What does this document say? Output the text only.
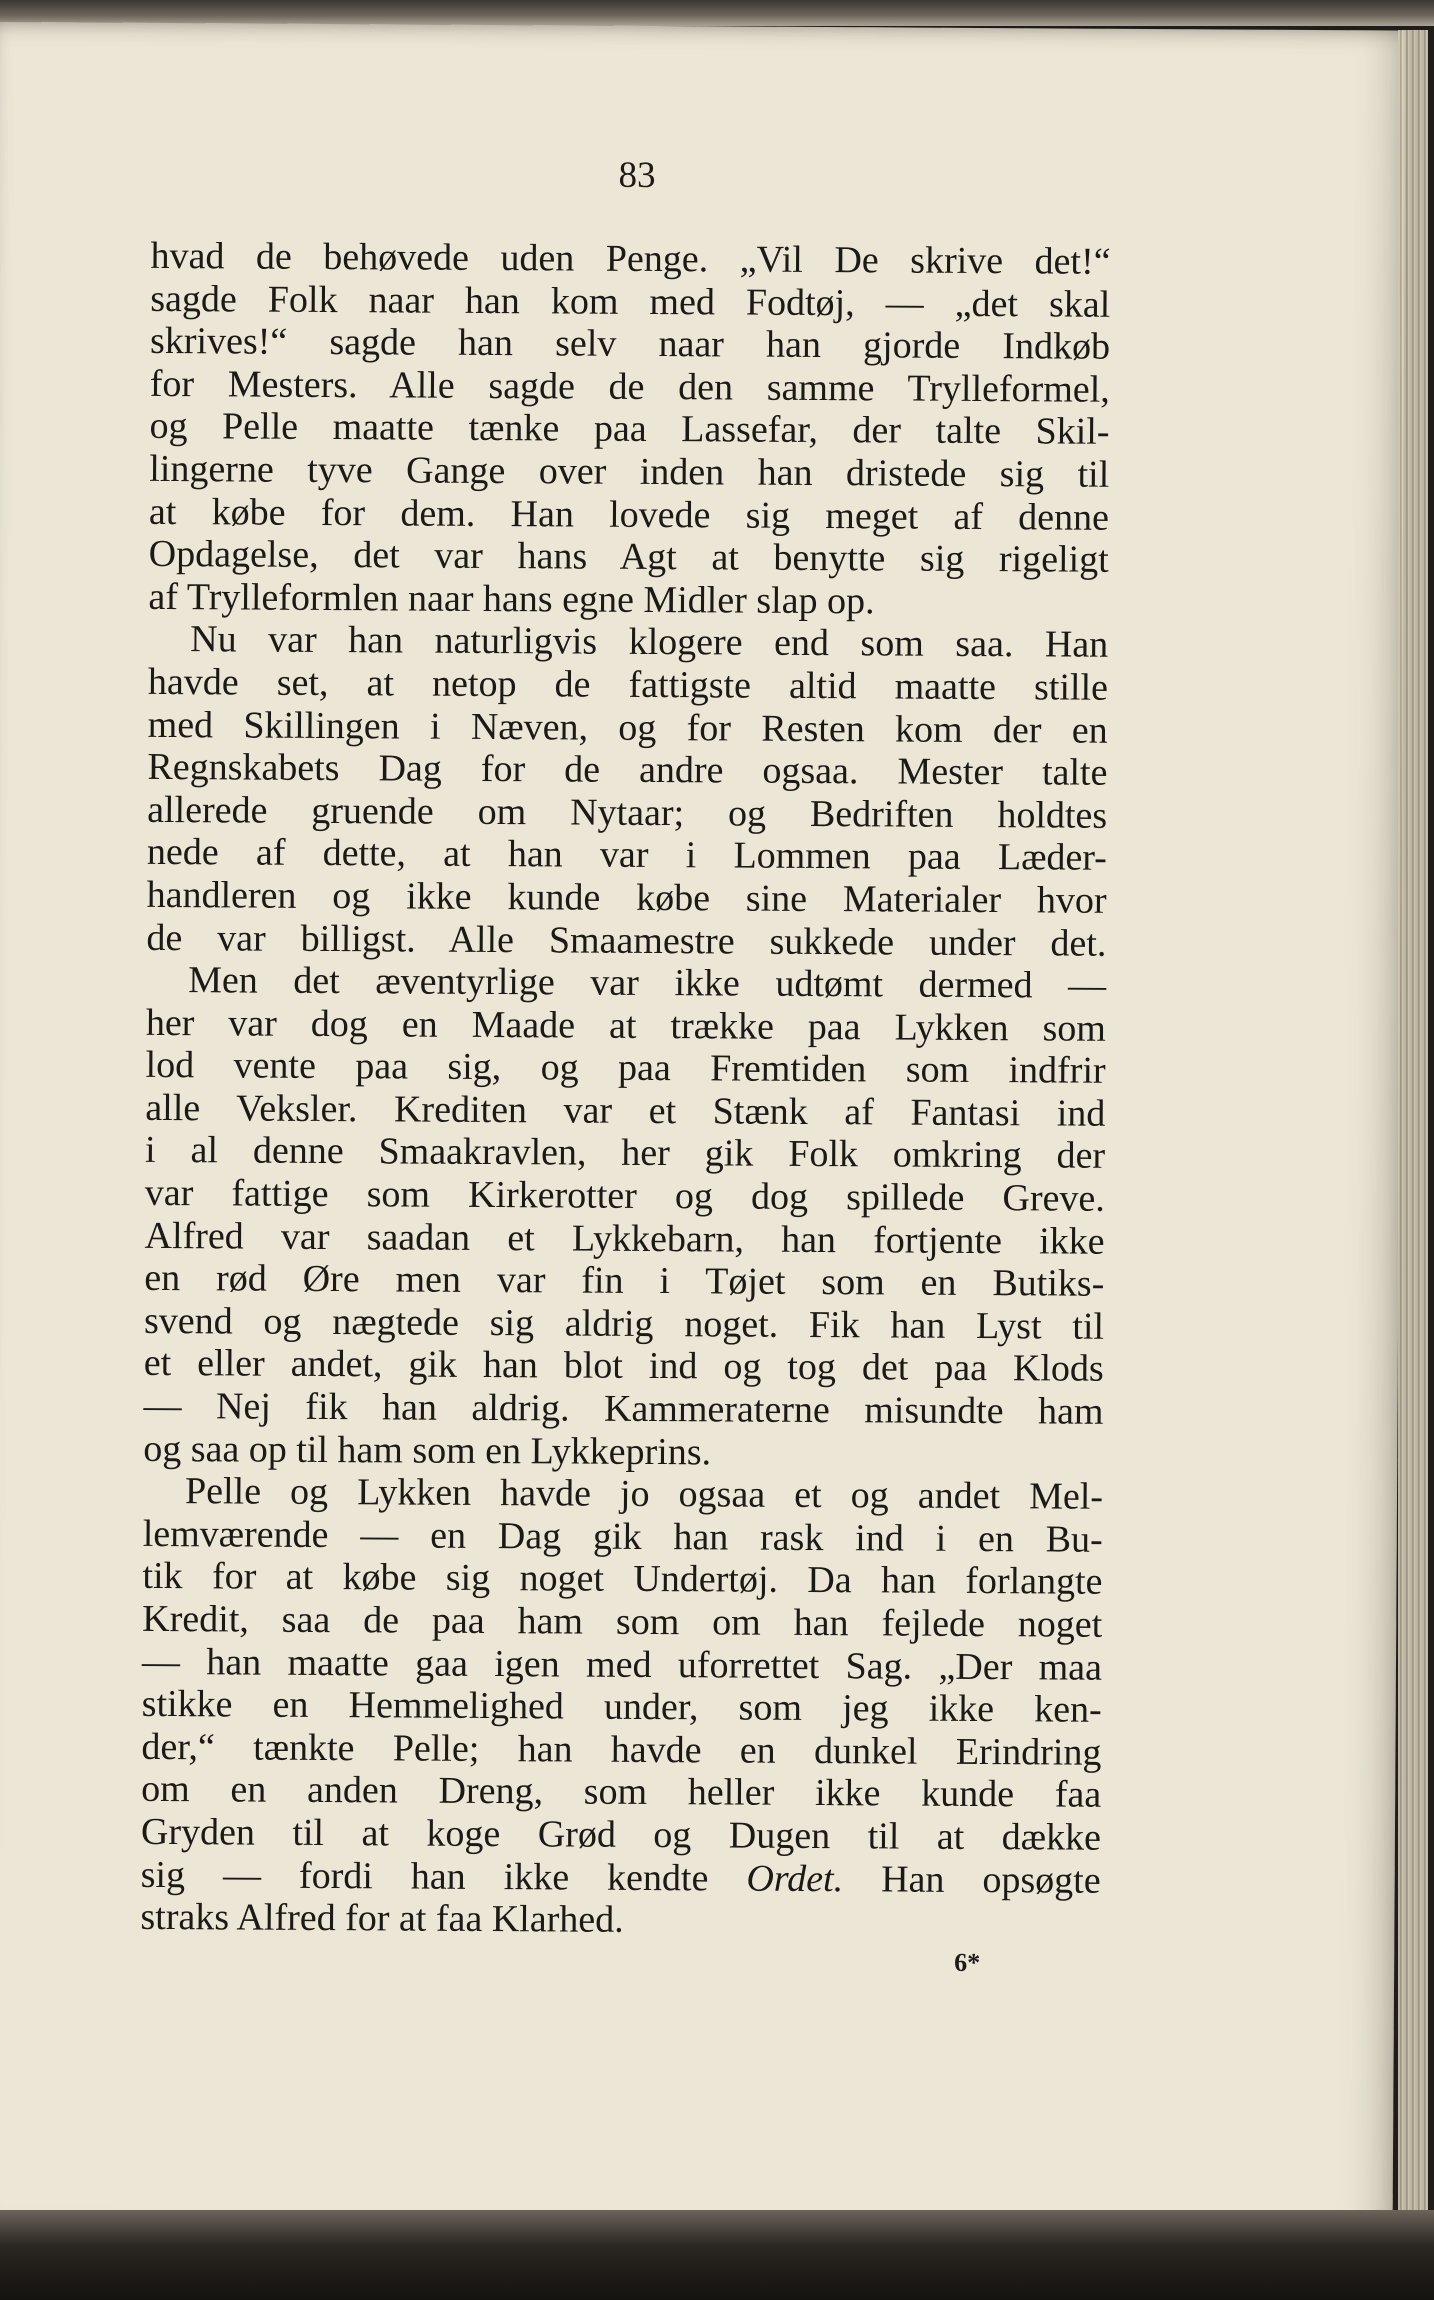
83
hvad de behøvede uden Penge. „Vil De skrive det!“
sagde Folk naar han kom med Fodtøj, — „det skal
skrives!“ sagde han selv naar han gjorde Indkøb
for Mesters. Alle sagde de den samme Trylleformel,
og Pelle maatte tænke paa Lassefar, der talte Skil-
lingerne tyve Gange over inden han dristede sig til
at købe for dem. Han lovede sig meget af denne
Opdagelse, det var hans Agt at benytte sig rigeligt
af Trylleformlen naar hans egne Midler slap op.
Nu var han naturligvis klogere end som saa. Han
havde set, at netop de fattigste altid maatte stille
med Skillingen i Næven, og for Resten kom der en
Regnskabets Dag for de andre ogsaa. Mester talte
allerede gruende om Nytaar; og Bedriften holdtes
nede af dette, at han var i Lommen paa Læder-
handleren og ikke kunde købe sine Materialer hvor
de var billigst. Alle Smaamestre sukkede under det.
Men det æventyrlige var ikke udtømt dermed —
her var dog en Maade at trække paa Lykken som
lod vente paa sig, og paa Fremtiden som indfrir
alle Veksler. Krediten var et Stænk af Fantasi ind
i al denne Smaakravlen, her gik Folk omkring der
var fattige som Kirkerotter og dog spillede Greve.
Alfred var saadan et Lykkebarn, han fortjente ikke
en rød Øre men var fin i Tøjet som en Butiks-
svend og nægtede sig aldrig noget. Fik han Lyst til
et eller andet, gik han blot ind og tog det paa Klods
— Nej fik han aldrig. Kammeraterne misundte ham
og saa op til ham som en Lykkeprins.
Pelle og Lykken havde jo ogsaa et og andet Mel-
lemværende — en Dag gik han rask ind i en Bu-
tik for at købe sig noget Undertøj. Da han forlangte
Kredit, saa de paa ham som om han fejlede noget
— han maatte gaa igen med uforrettet Sag. „Der maa
stikke en Hemmelighed under, som jeg ikke ken-
der,“ tænkte Pelle; han havde en dunkel Erindring
om en anden Dreng, som heller ikke kunde faa
Gryden til at koge Grød og Dugen til at dække
sig — fordi han ikke kendte Ordet. Han opsøgte
straks Alfred for at faa Klarhed.
6*
